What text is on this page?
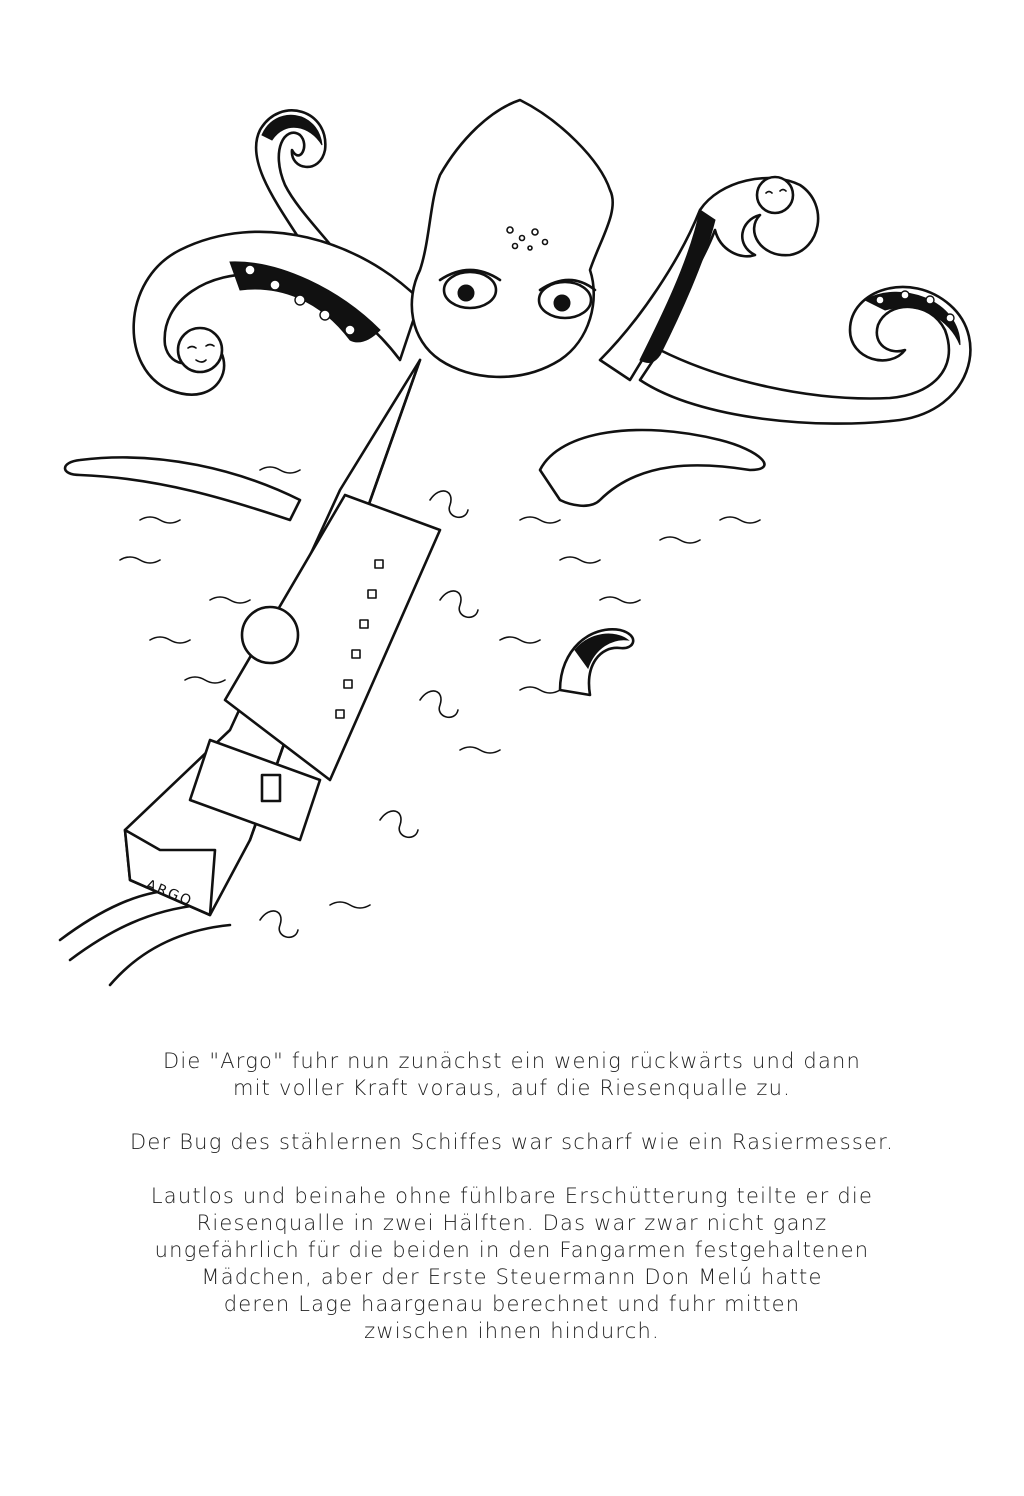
ARGO

Die "Argo" fuhr nun zunächst ein wenig rückwärts und dann
mit voller Kraft voraus, auf die Riesenqualle zu.

Der Bug des stählernen Schiffes war scharf wie ein Rasiermesser.

Lautlos und beinahe ohne fühlbare Erschütterung teilte er die
Riesenqualle in zwei Hälften. Das war zwar nicht ganz
ungefährlich für die beiden in den Fangarmen festgehaltenen
Mädchen, aber der Erste Steuermann Don Melú hatte
deren Lage haargenau berechnet und fuhr mitten
zwischen ihnen hindurch.
